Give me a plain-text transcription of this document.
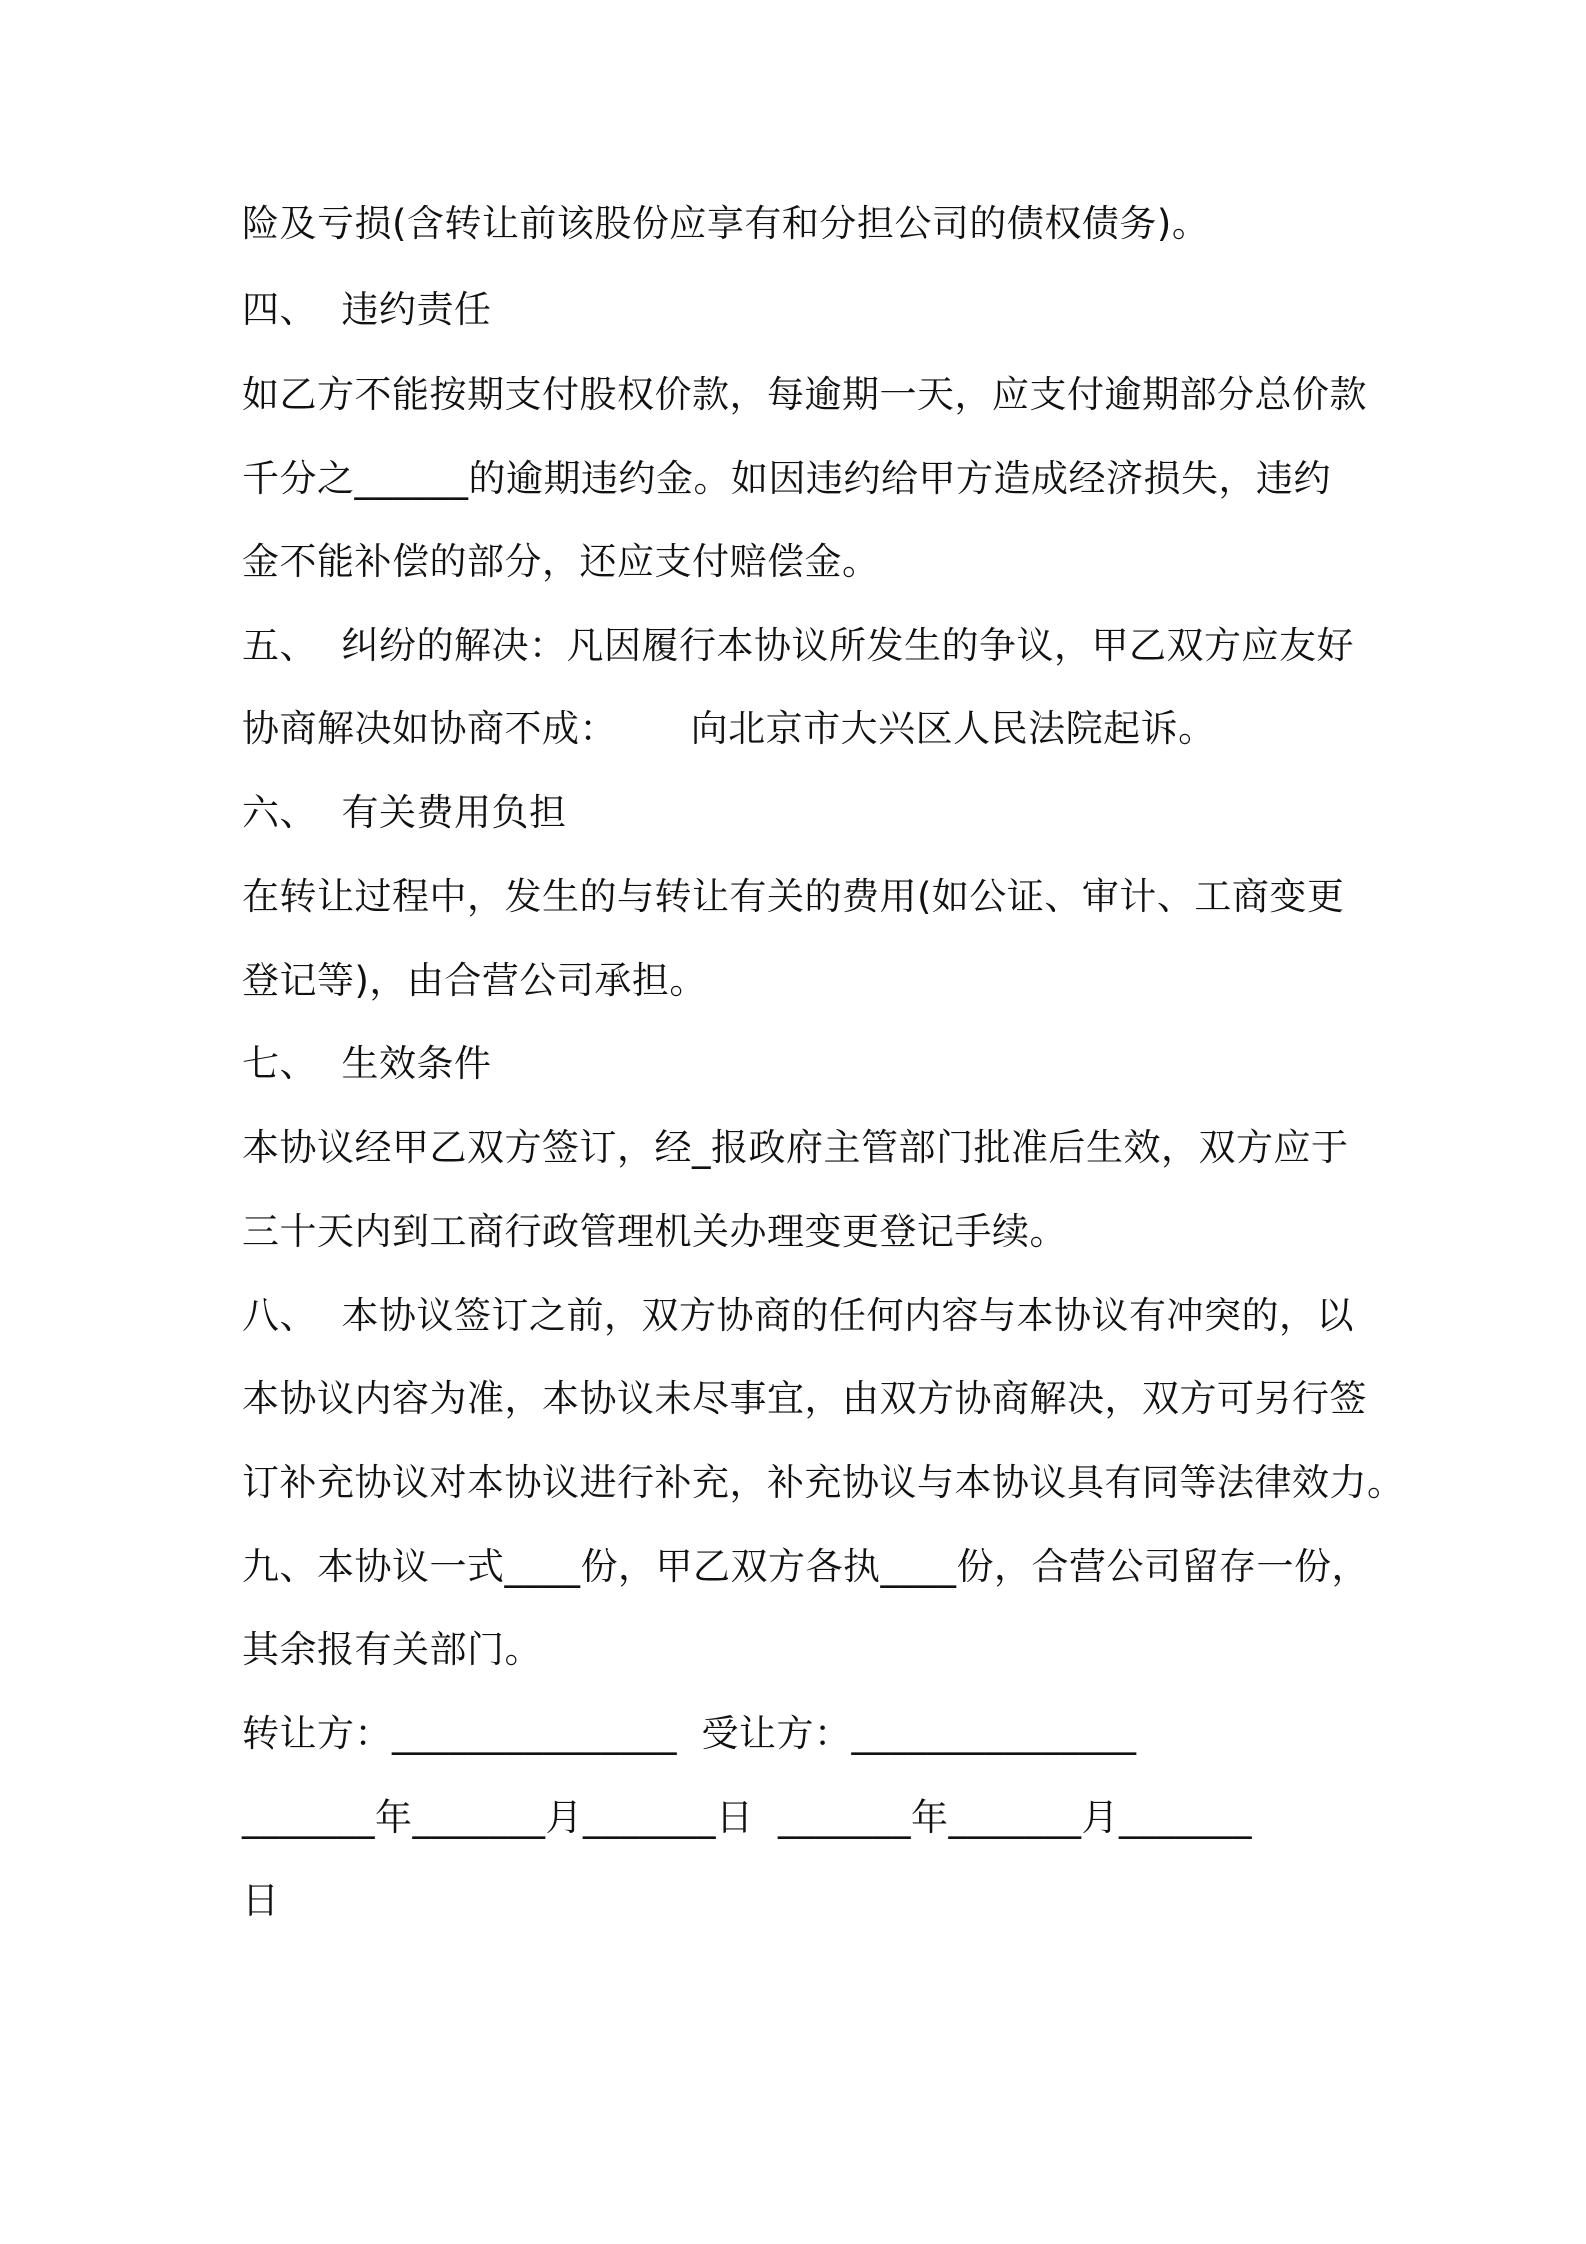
险及亏损(含转让前该股份应享有和分担公司的债权债务)。
四、  违约责任
如乙方不能按期支付股权价款，每逾期一天，应支付逾期部分总价款
千分之______的逾期违约金。如因违约给甲方造成经济损失，违约
金不能补偿的部分，还应支付赔偿金。
五、  纠纷的解决：凡因履行本协议所发生的争议，甲乙双方应友好
协商解决如协商不成：      向北京市大兴区人民法院起诉。
六、  有关费用负担
在转让过程中，发生的与转让有关的费用(如公证、审计、工商变更
登记等)，由合营公司承担。
七、  生效条件
本协议经甲乙双方签订，经_报政府主管部门批准后生效，双方应于
三十天内到工商行政管理机关办理变更登记手续。
八、  本协议签订之前，双方协商的任何内容与本协议有冲突的，以
本协议内容为准，本协议未尽事宜，由双方协商解决，双方可另行签
订补充协议对本协议进行补充，补充协议与本协议具有同等法律效力。
九、本协议一式____份，甲乙双方各执____份，合营公司留存一份，
其余报有关部门。
转让方：_______________  受让方：_______________
_______年_______月_______日  _______年_______月_______
日
